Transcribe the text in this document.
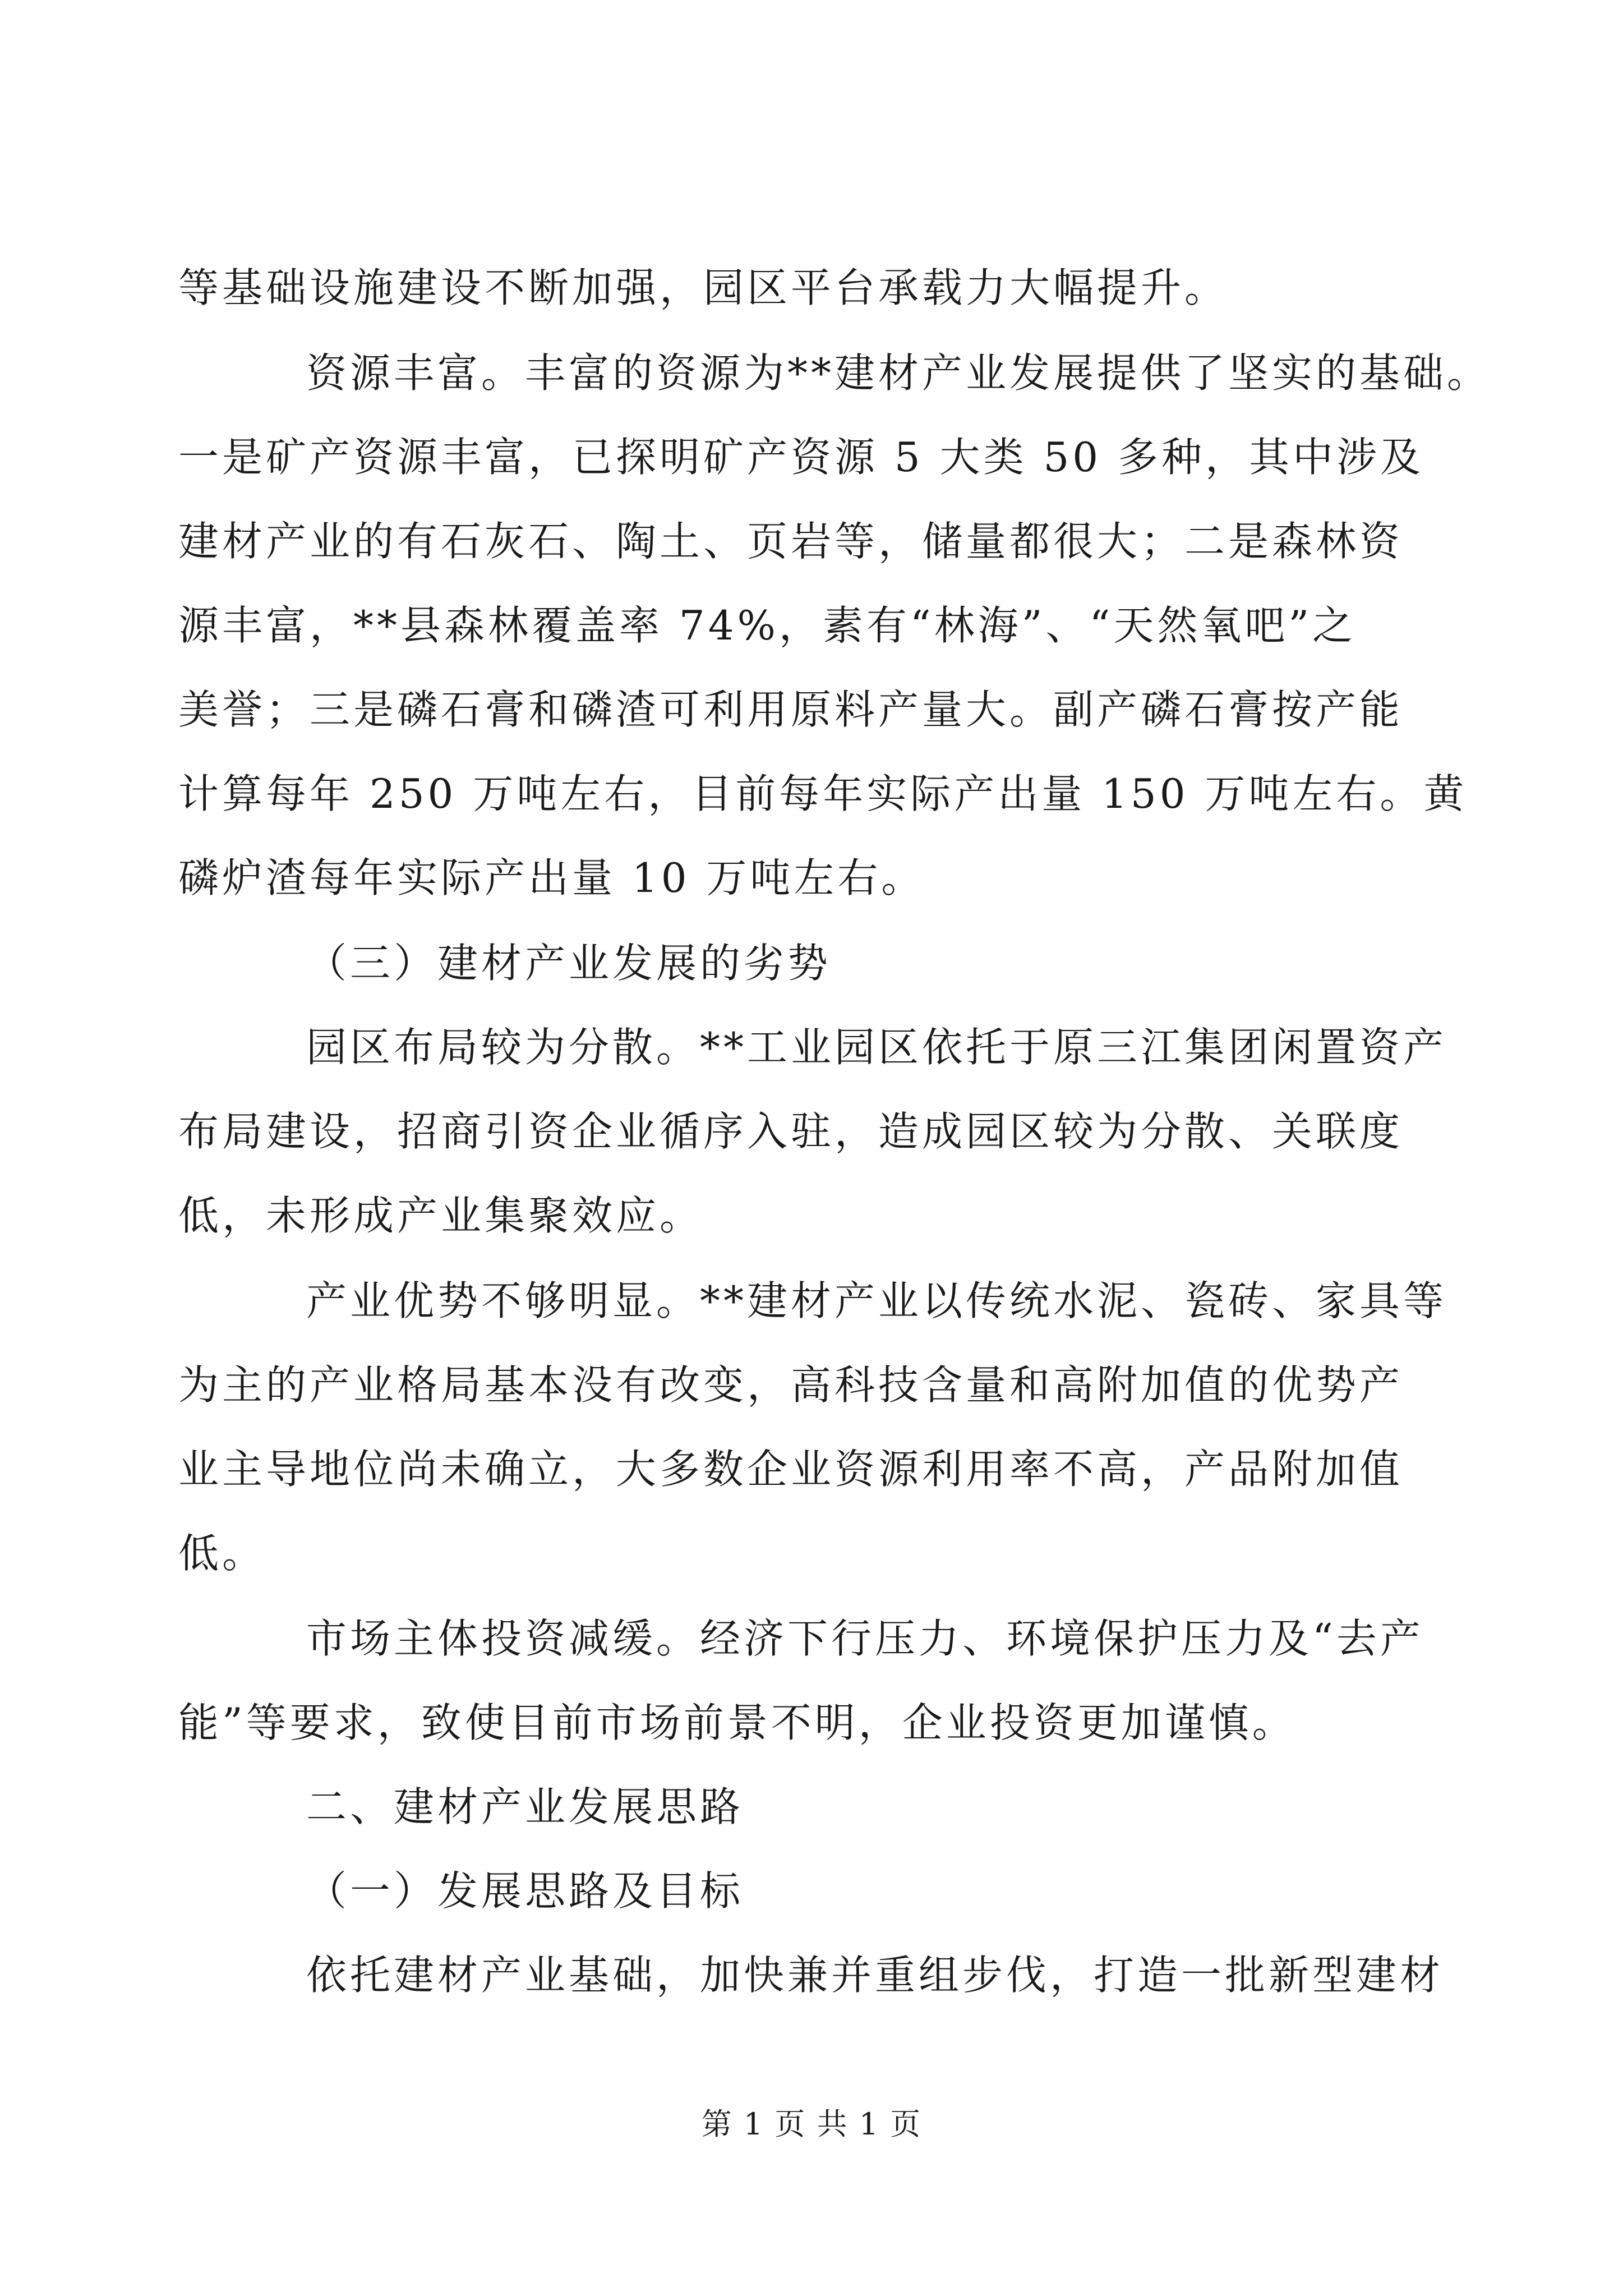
等基础设施建设不断加强，园区平台承载力大幅提升。
资源丰富。丰富的资源为**建材产业发展提供了坚实的基础。
一是矿产资源丰富，已探明矿产资源 5 大类 50 多种，其中涉及
建材产业的有石灰石、陶土、页岩等，储量都很大；二是森林资
源丰富，**县森林覆盖率 74%，素有“林海”、“天然氧吧”之
美誉；三是磷石膏和磷渣可利用原料产量大。副产磷石膏按产能
计算每年 250 万吨左右，目前每年实际产出量 150 万吨左右。黄
磷炉渣每年实际产出量 10 万吨左右。
（三）建材产业发展的劣势
园区布局较为分散。**工业园区依托于原三江集团闲置资产
布局建设，招商引资企业循序入驻，造成园区较为分散、关联度
低，未形成产业集聚效应。
产业优势不够明显。**建材产业以传统水泥、瓷砖、家具等
为主的产业格局基本没有改变，高科技含量和高附加值的优势产
业主导地位尚未确立，大多数企业资源利用率不高，产品附加值
低。
市场主体投资减缓。经济下行压力、环境保护压力及“去产
能”等要求，致使目前市场前景不明，企业投资更加谨慎。
二、建材产业发展思路
（一）发展思路及目标
依托建材产业基础，加快兼并重组步伐，打造一批新型建材
第 1 页 共 1 页
